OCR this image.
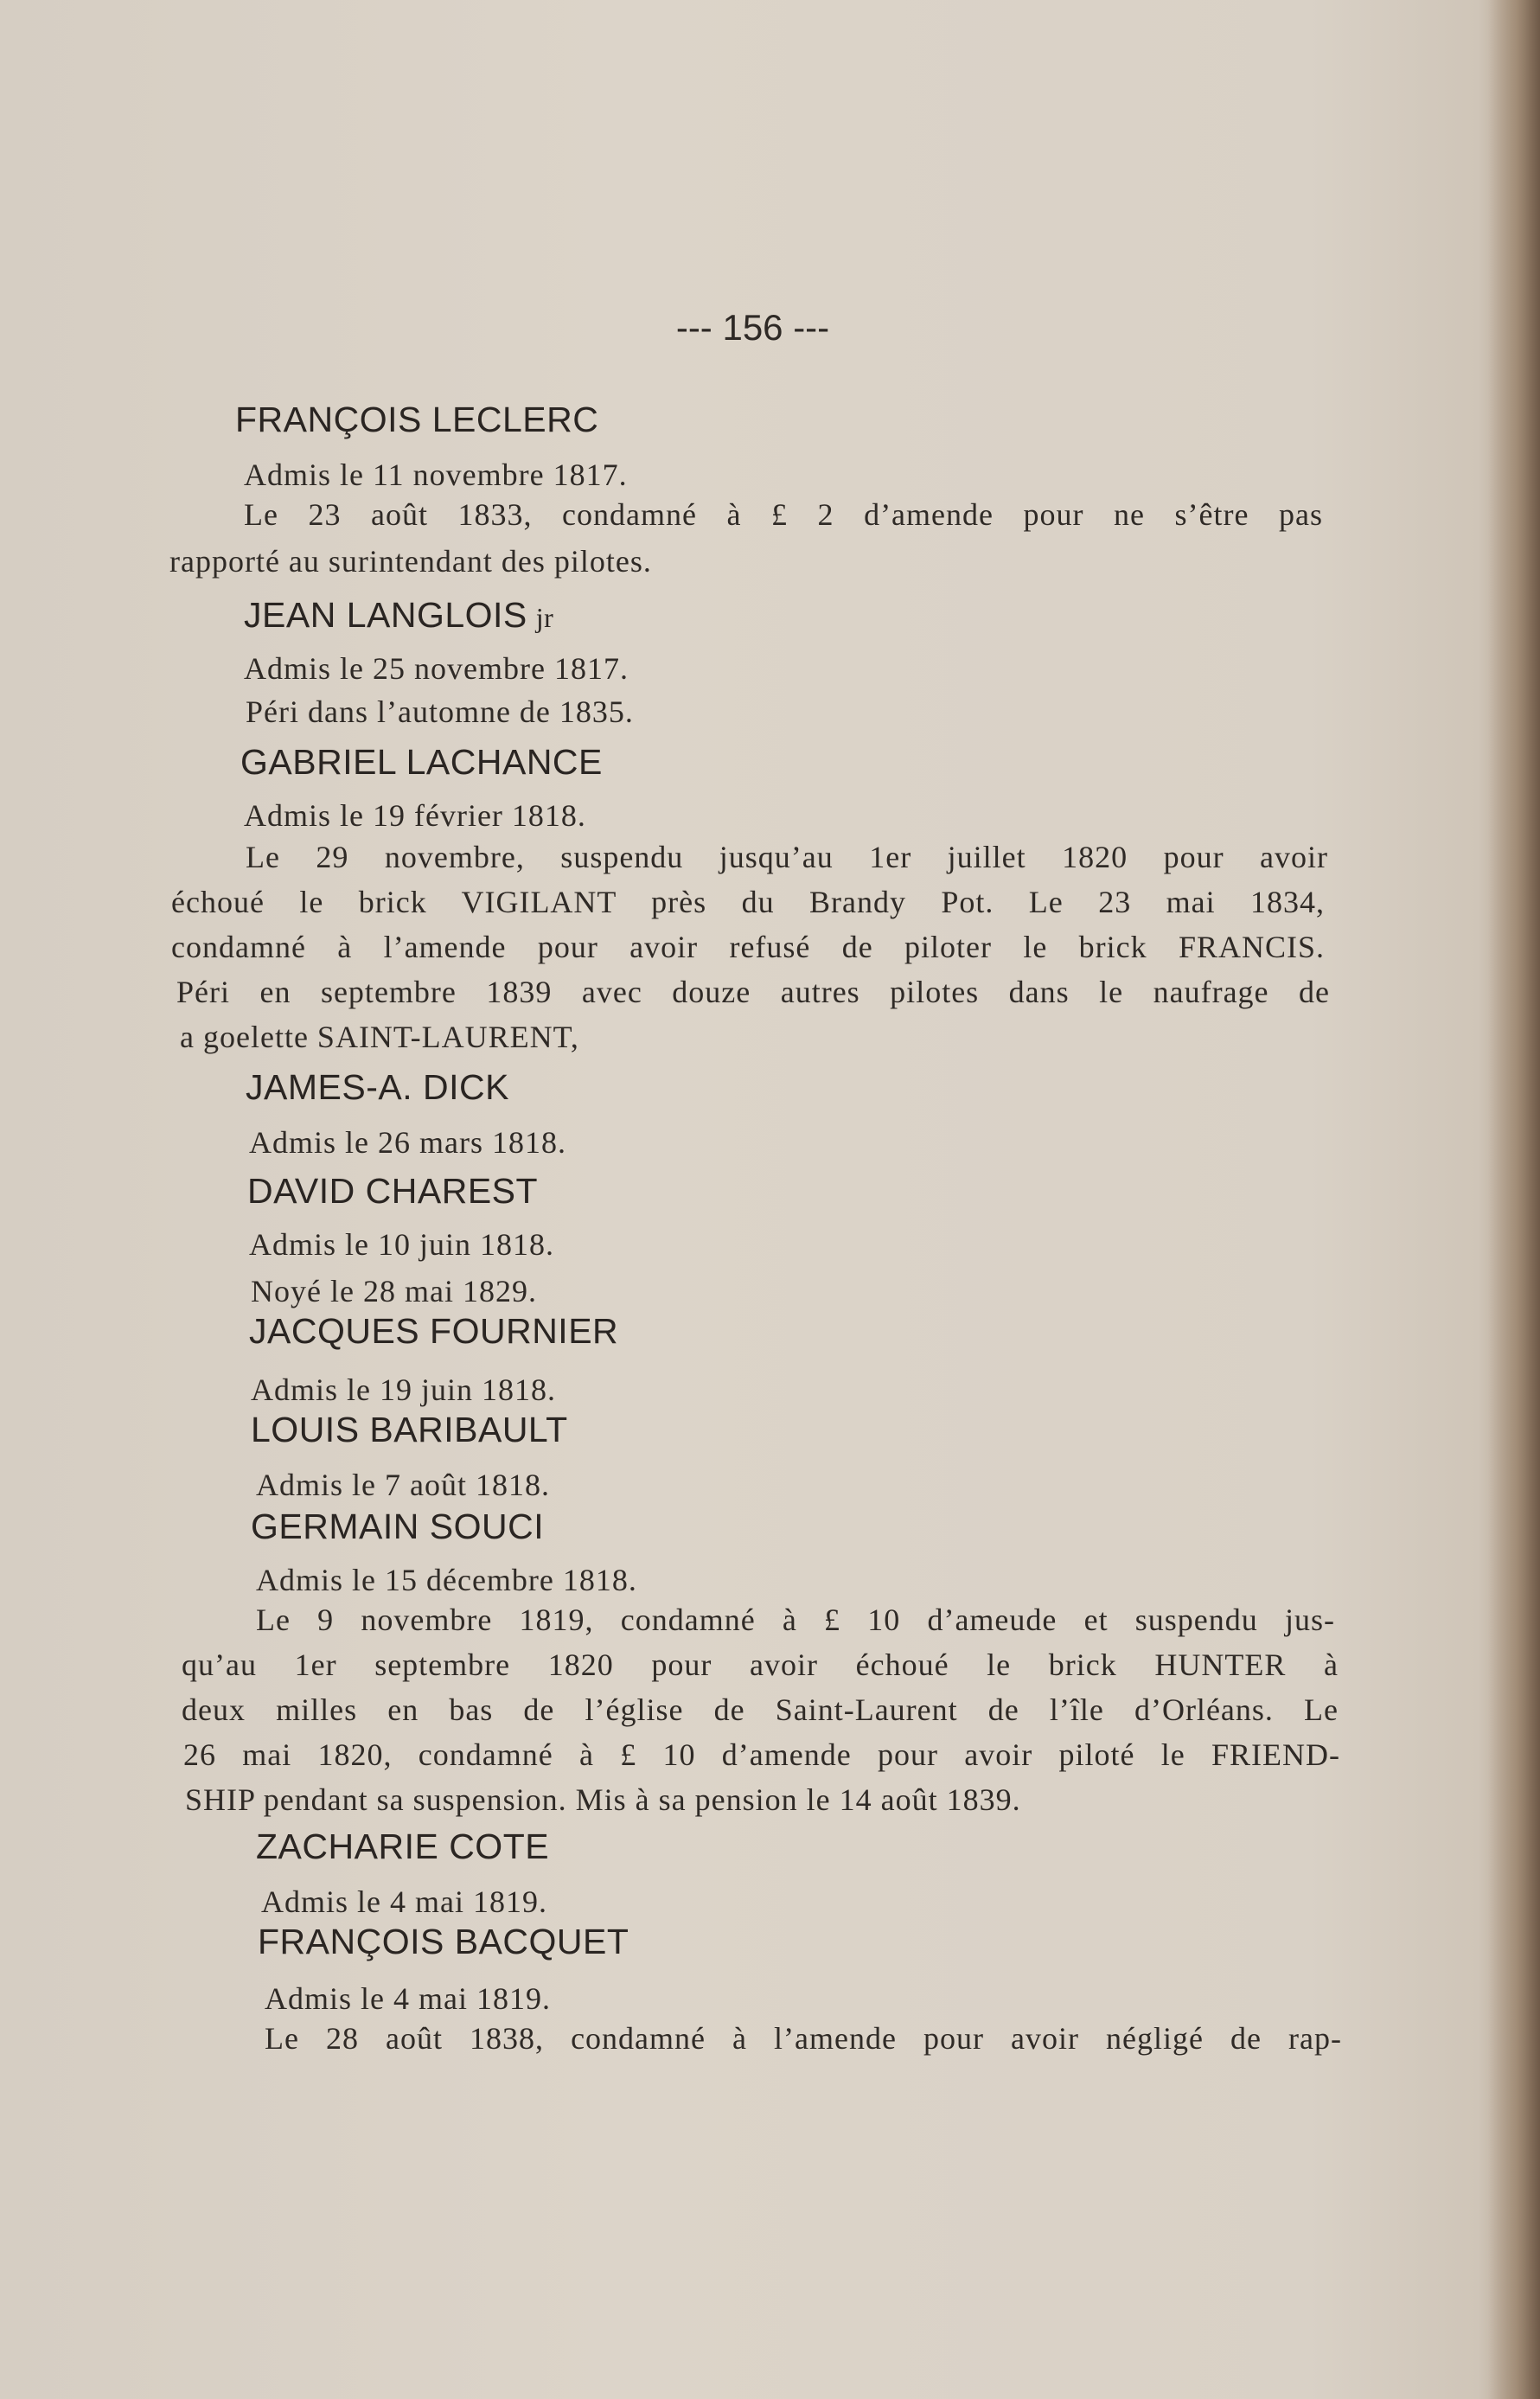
--- 156 ---
FRANÇOIS LECLERC
Admis le 11 novembre 1817.
Le 23 août 1833, condamné à £ 2 d’amende pour ne s’être pas
rapporté au surintendant des pilotes.
JEAN LANGLOIS jr
Admis le 25 novembre 1817.
Péri dans l’automne de 1835.
GABRIEL LACHANCE
Admis le 19 février 1818.
Le 29 novembre, suspendu jusqu’au 1er juillet 1820 pour avoir
échoué le brick VIGILANT près du Brandy Pot. Le 23 mai 1834,
condamné à l’amende pour avoir refusé de piloter le brick FRANCIS.
Péri en septembre 1839 avec douze autres pilotes dans le naufrage de
a goelette SAINT-LAURENT,
JAMES-A. DICK
Admis le 26 mars 1818.
DAVID CHAREST
Admis le 10 juin 1818.
Noyé le 28 mai 1829.
JACQUES FOURNIER
Admis le 19 juin 1818.
LOUIS BARIBAULT
Admis le 7 août 1818.
GERMAIN SOUCI
Admis le 15 décembre 1818.
Le 9 novembre 1819, condamné à £ 10 d’ameude et suspendu jus-
qu’au 1er septembre 1820 pour avoir échoué le brick HUNTER à
deux milles en bas de l’église de Saint-Laurent de l’île d’Orléans. Le
26 mai 1820, condamné à £ 10 d’amende pour avoir piloté le FRIEND-
SHIP pendant sa suspension. Mis à sa pension le 14 août 1839.
ZACHARIE COTE
Admis le 4 mai 1819.
FRANÇOIS BACQUET
Admis le 4 mai 1819.
Le 28 août 1838, condamné à l’amende pour avoir négligé de rap-
